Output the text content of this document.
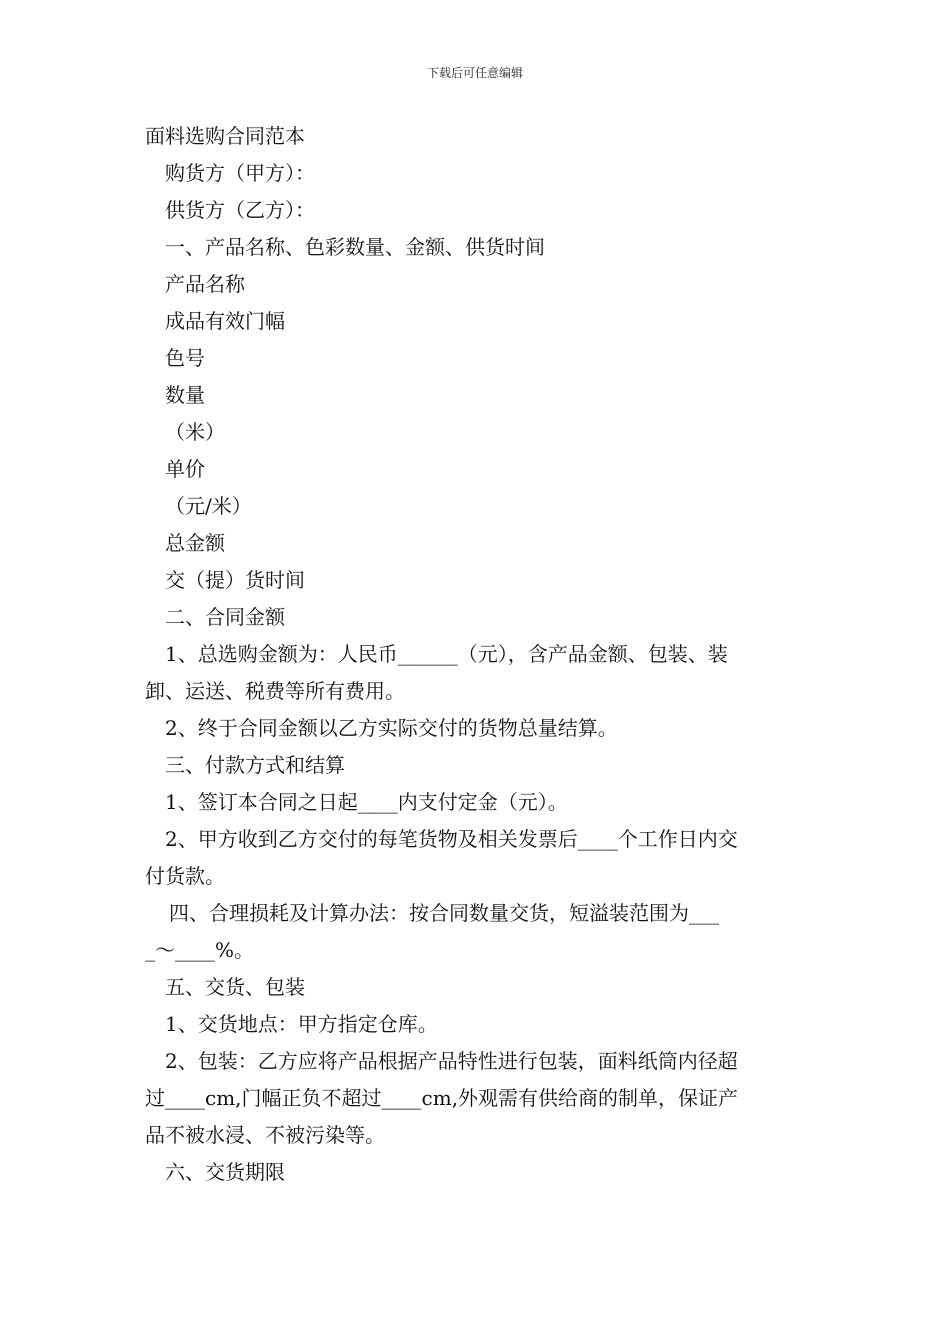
下载后可任意编辑
面料选购合同范本
购货方（甲方）：
供货方（乙方）：
一、产品名称、色彩数量、金额、供货时间
产品名称
成品有效门幅
色号
数量
（米）
单价
（元/米）
总金额
交（提）货时间
二、合同金额
1、总选购金额为：人民币______（元），含产品金额、包装、装
卸、运送、税费等所有费用。
2、终于合同金额以乙方实际交付的货物总量结算。
三、付款方式和结算
1、签订本合同之日起____内支付定金（元）。
2、甲方收到乙方交付的每笔货物及相关发票后____个工作日内交
付货款。
四、合理损耗及计算办法：按合同数量交货，短溢装范围为___
_～____%。
五、交货、包装
1、交货地点：甲方指定仓库。
2、包装：乙方应将产品根据产品特性进行包装，面料纸筒内径超
过____cm,门幅正负不超过____cm,外观需有供给商的制单，保证产
品不被水浸、不被污染等。
六、交货期限
